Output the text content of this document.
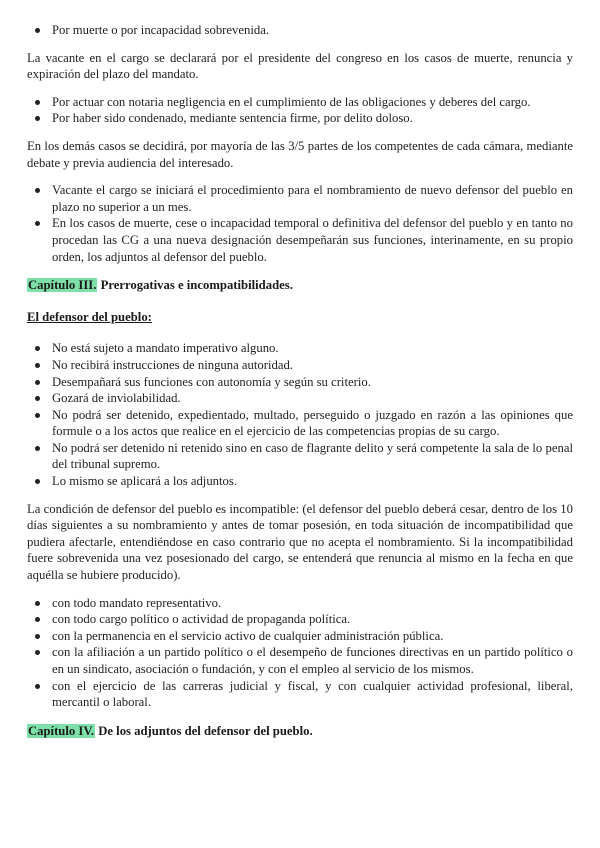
Por muerte o por incapacidad sobrevenida.

La vacante en el cargo se declarará por el presidente del congreso en los casos de muerte, renuncia y expiración del plazo del mandato.

Por actuar con notaria negligencia en el cumplimiento de las obligaciones y deberes del cargo.
Por haber sido condenado, mediante sentencia firme, por delito doloso.

En los demás casos se decidirá, por mayoría de las 3/5 partes de los competentes de cada cámara, mediante debate y previa audiencia del interesado.

Vacante el cargo se iniciará el procedimiento para el nombramiento de nuevo defensor del pueblo en plazo no superior a un mes.
En los casos de muerte, cese o incapacidad temporal o definitiva del defensor del pueblo y en tanto no procedan las CG a una nueva designación desempeñarán sus funciones, interinamente, en su propio orden, los adjuntos al defensor del pueblo.

Capítulo III. Prerrogativas e incompatibilidades.

El defensor del pueblo:

No está sujeto a mandato imperativo alguno.
No recibirá instrucciones de ninguna autoridad.
Desempañará sus funciones con autonomía y según su criterio.
Gozará de inviolabilidad.
No podrá ser detenido, expedientado, multado, perseguido o juzgado en razón a las opiniones que formule o a los actos que realice en el ejercicio de las competencias propias de su cargo.
No podrá ser detenido ni retenido sino en caso de flagrante delito y será competente la sala de lo penal del tribunal supremo.
Lo mismo se aplicará a los adjuntos.

La condición de defensor del pueblo es incompatible: (el defensor del pueblo deberá cesar, dentro de los 10 días siguientes a su nombramiento y antes de tomar posesión, en toda situación de incompatibilidad que pudiera afectarle, entendiéndose en caso contrario que no acepta el nombramiento. Si la incompatibilidad fuere sobrevenida una vez posesionado del cargo, se entenderá que renuncia al mismo en la fecha en que aquélla se hubiere producido).

con todo mandato representativo.
con todo cargo político o actividad de propaganda política.
con la permanencia en el servicio activo de cualquier administración pública.
con la afiliación a un partido político o el desempeño de funciones directivas en un partido político o en un sindicato, asociación o fundación, y con el empleo al servicio de los mismos.
con el ejercicio de las carreras judicial y fiscal, y con cualquier actividad profesional, liberal, mercantil o laboral.

Capítulo IV. De los adjuntos del defensor del pueblo.
